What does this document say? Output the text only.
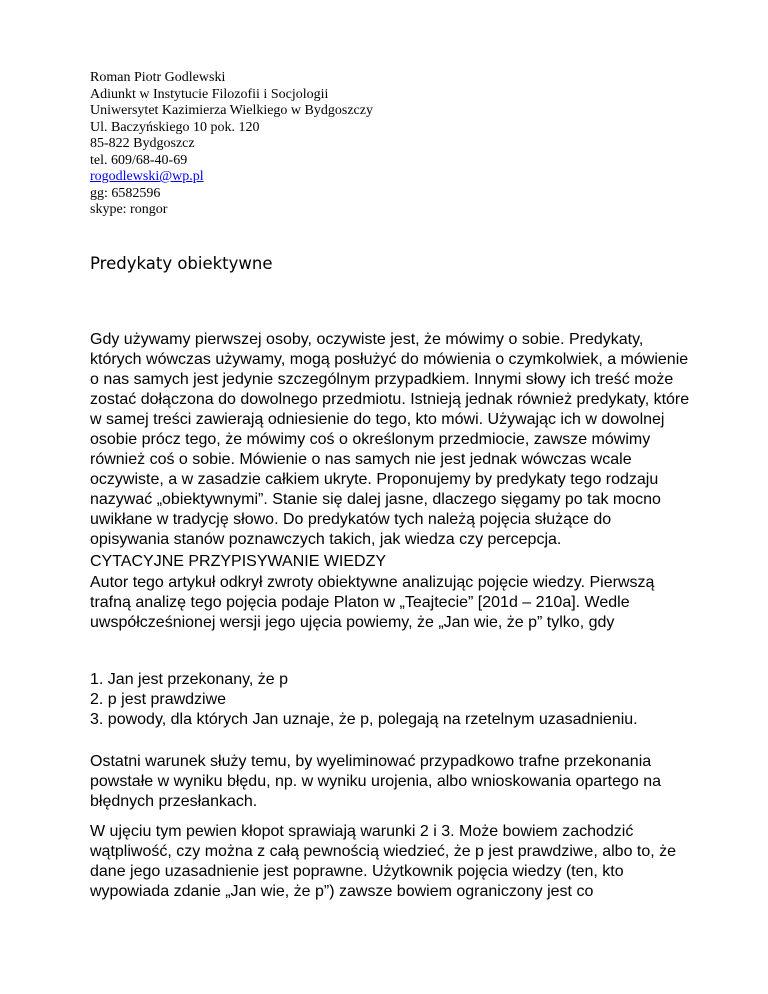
Roman Piotr Godlewski
Adiunkt w Instytucie Filozofii i Socjologii
Uniwersytet Kazimierza Wielkiego w Bydgoszczy
Ul. Baczyńskiego 10 pok. 120
85-822 Bydgoszcz
tel. 609/68-40-69
rogodlewski@wp.pl
gg: 6582596
skype: rongor
Predykaty obiektywne

Gdy używamy pierwszej osoby, oczywiste jest, że mówimy o sobie. Predykaty, których wówczas używamy, mogą posłużyć do mówienia o czymkolwiek, a mówienie o nas samych jest jedynie szczególnym przypadkiem. Innymi słowy ich treść może zostać dołączona do dowolnego przedmiotu. Istnieją jednak również predykaty, które w samej treści zawierają odniesienie do tego, kto mówi. Używając ich w dowolnej osobie prócz tego, że mówimy coś o określonym przedmiocie, zawsze mówimy również coś o sobie. Mówienie o nas samych nie jest jednak wówczas wcale oczywiste, a w zasadzie całkiem ukryte. Proponujemy by predykaty tego rodzaju nazywać „obiektywnymi”. Stanie się dalej jasne, dlaczego sięgamy po tak mocno uwikłane w tradycję słowo. Do predykatów tych należą pojęcia służące do opisywania stanów poznawczych takich, jak wiedza czy percepcja.

CYTACYJNE PRZYPISYWANIE WIEDZY

Autor tego artykuł odkrył zwroty obiektywne analizując pojęcie wiedzy. Pierwszą trafną analizę tego pojęcia podaje Platon w „Teajtecie” [201d – 210a]. Wedle uwspółcześnionej wersji jego ujęcia powiemy, że „Jan wie, że p” tylko, gdy

1. Jan jest przekonany, że p
2. p jest prawdziwe
3. powody, dla których Jan uznaje, że p, polegają na rzetelnym uzasadnieniu.

Ostatni warunek służy temu, by wyeliminować przypadkowo trafne przekonania powstałe w wyniku błędu, np. w wyniku urojenia, albo wnioskowania opartego na błędnych przesłankach.

W ujęciu tym pewien kłopot sprawiają warunki 2 i 3. Może bowiem zachodzić wątpliwość, czy można z całą pewnością wiedzieć, że p jest prawdziwe, albo to, że dane jego uzasadnienie jest poprawne. Użytkownik pojęcia wiedzy (ten, kto wypowiada zdanie „Jan wie, że p”) zawsze bowiem ograniczony jest co
